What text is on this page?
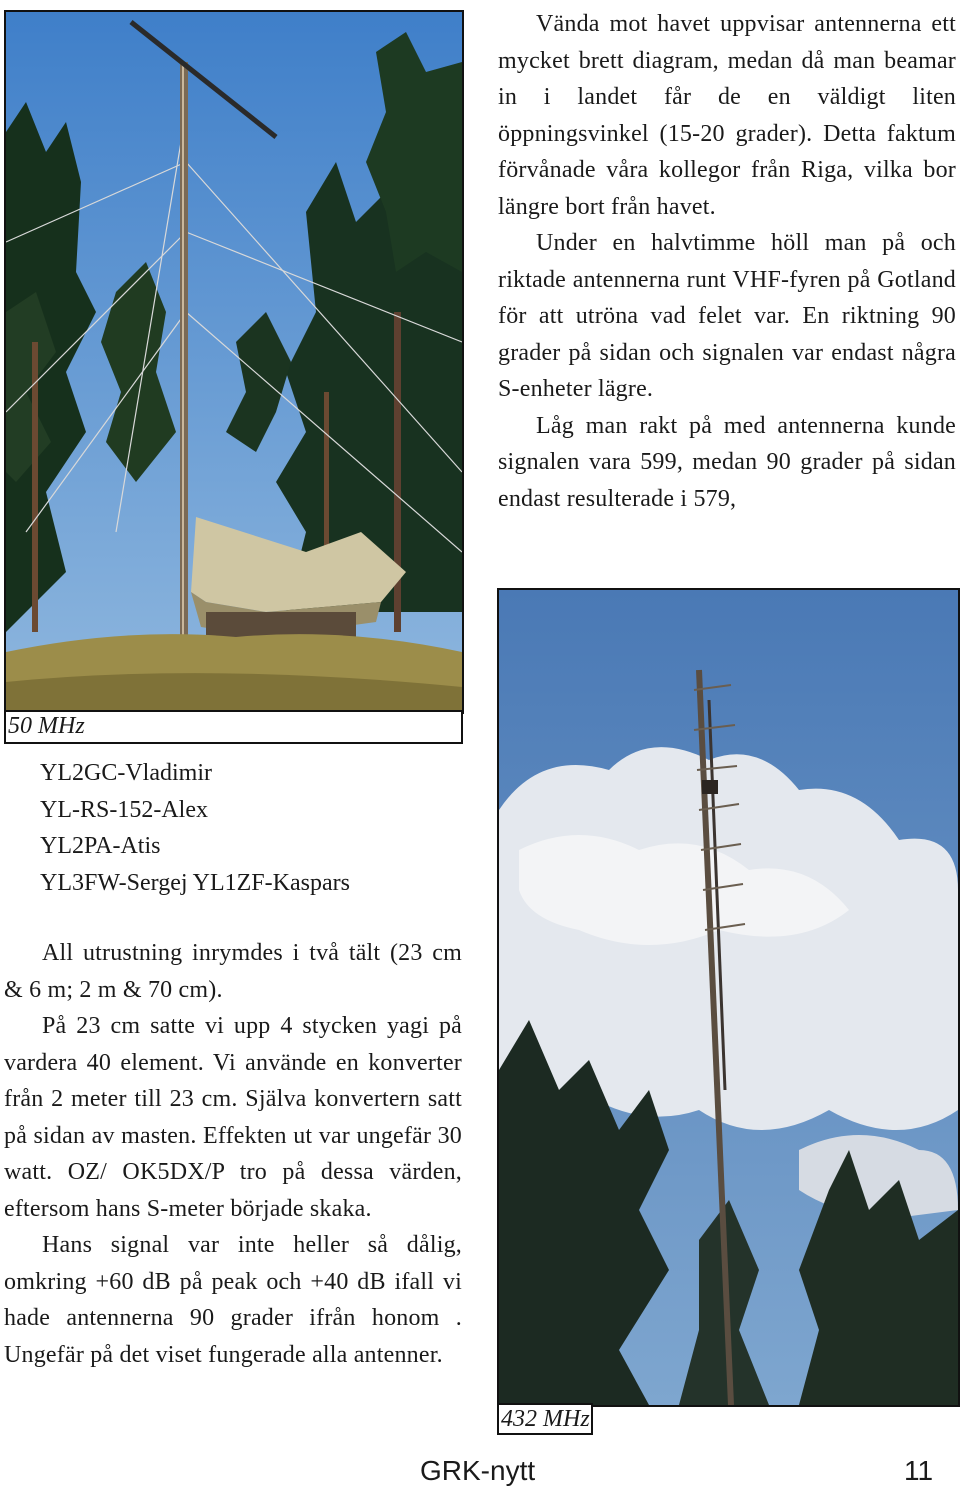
50 MHz

Vända mot havet uppvisar antennerna ett mycket brett diagram, medan då man beamar in i landet får de en väldigt liten öppningsvinkel (15-20 grader). Detta faktum förvånade våra kollegor från Riga, vilka bor längre bort från havet.

Under en halvtimme höll man på och riktade antennerna runt VHF-fyren på Gotland för att utröna vad felet var. En riktning 90 grader på sidan och signalen var endast några S-enheter lägre.

Låg man rakt på med antennerna kunde signalen vara 599, medan 90 grader på sidan endast resulterade i 579,

432 MHz
YL2GC-Vladimir
YL-RS-152-Alex
YL2PA-Atis
YL3FW-Sergej YL1ZF-Kaspars

All utrustning inrymdes i två tält (23 cm & 6 m; 2 m & 70 cm).

På 23 cm satte vi upp 4 stycken yagi på vardera 40 element. Vi använde en konverter från 2 meter till 23 cm. Själva konvertern satt på sidan av masten. Effekten ut var ungefär 30 watt. OZ/ OK5DX/P tro på dessa värden, eftersom hans S-meter började skaka.

Hans signal var inte heller så dålig, omkring +60 dB på peak och +40 dB ifall vi hade antennerna 90 grader ifrån honom . Ungefär på det viset fungerade alla antenner.

GRK-nytt	11
